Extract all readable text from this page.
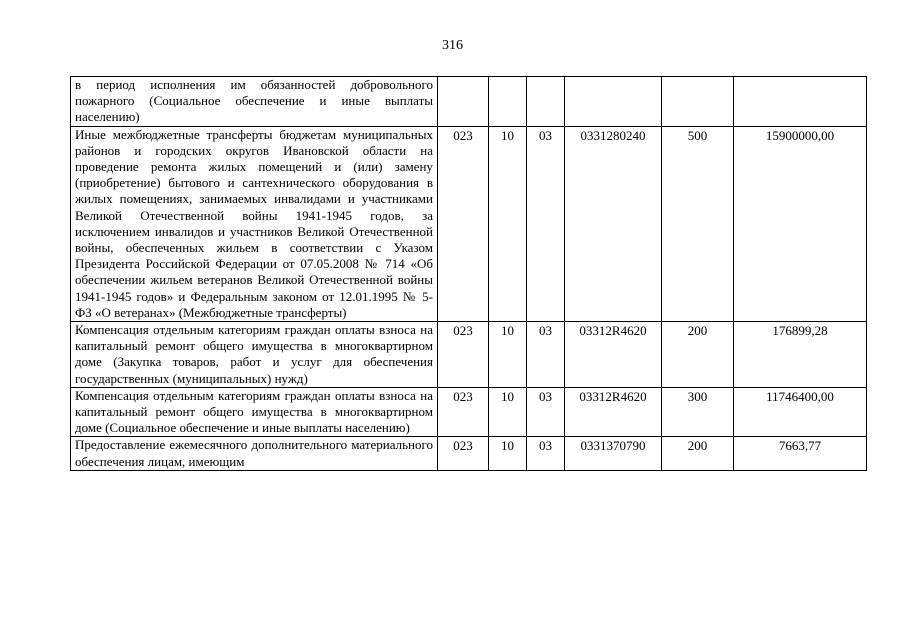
316
в период исполнения им обязанностей добровольного пожарного (Социальное обеспечение и иные выплаты населению)						
Иные межбюджетные трансферты бюджетам муниципальных районов и городских округов Ивановской области на проведение ремонта жилых помещений и (или) замену (приобретение) бытового и сантехнического оборудования в жилых помещениях, занимаемых инвалидами и участниками Великой Отечественной войны 1941-1945 годов, за исключением инвалидов и участников Великой Отечественной войны, обеспеченных жильем в соответствии с Указом Президента Российской Федерации от 07.05.2008 № 714 «Об обеспечении жильем ветеранов Великой Отечественной войны 1941-1945 годов» и Федеральным законом от 12.01.1995 № 5-ФЗ «О ветеранах» (Межбюджетные трансферты)	023	10	03	0331280240	500	15900000,00
Компенсация отдельным категориям граждан оплаты взноса на капитальный ремонт общего имущества в многоквартирном доме (Закупка товаров, работ и услуг для обеспечения государственных (муниципальных) нужд)	023	10	03	03312R4620	200	176899,28
Компенсация отдельным категориям граждан оплаты взноса на капитальный ремонт общего имущества в многоквартирном доме (Социальное обеспечение и иные выплаты населению)	023	10	03	03312R4620	300	11746400,00
Предоставление ежемесячного дополнительного материального обеспечения лицам, имеющим	023	10	03	0331370790	200	7663,77
